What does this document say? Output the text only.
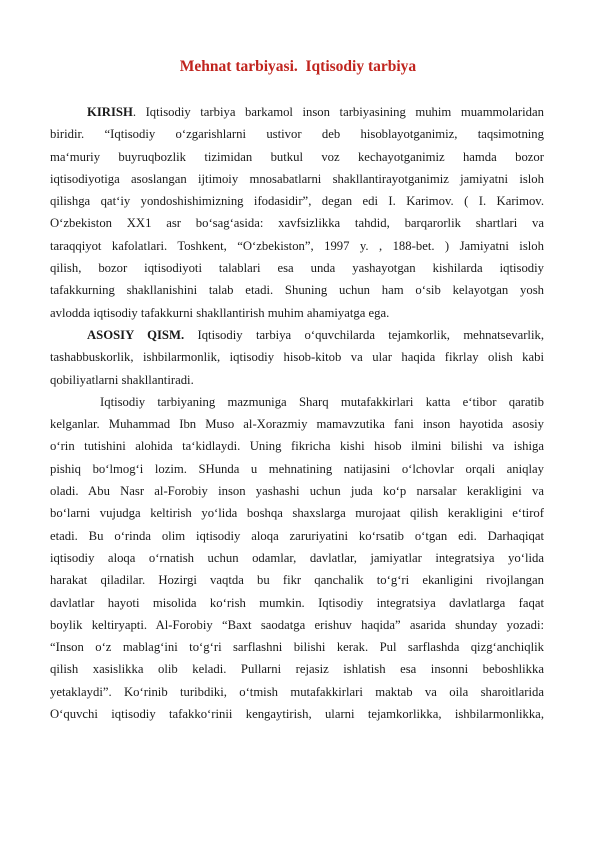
Mehnat tarbiyasi.  Iqtisodiy tarbiya
KIRISH. Iqtisodiy tarbiya barkamol inson tarbiyasining muhim muammolaridan
biridir. “Iqtisodiy o‘zgarishlarni ustivor deb hisoblayotganimiz, taqsimotning
ma‘muriy buyruqbozlik tizimidan butkul voz kechayotganimiz hamda bozor
iqtisodiyotiga asoslangan ijtimoiy mnosabatlarni shakllantirayotganimiz jamiyatni isloh
qilishga qat‘iy yondoshishimizning ifodasidir”, degan edi I. Karimov. ( I. Karimov.
O‘zbekiston XX1 asr bo‘sag‘asida: xavfsizlikka tahdid, barqarorlik shartlari va
taraqqiyot kafolatlari. Toshkent, “O‘zbekiston”, 1997 y. , 188-bet. ) Jamiyatni isloh
qilish, bozor iqtisodiyoti talablari esa unda yashayotgan kishilarda iqtisodiy
tafakkurning shakllanishini talab etadi. Shuning uchun ham o‘sib kelayotgan yosh
avlodda iqtisodiy tafakkurni shakllantirish muhim ahamiyatga ega.
ASOSIY QISM. Iqtisodiy tarbiya o‘quvchilarda tejamkorlik, mehnatsevarlik,
tashabbuskorlik, ishbilarmonlik, iqtisodiy hisob-kitob va ular haqida fikrlay olish kabi
qobiliyatlarni shakllantiradi.
Iqtisodiy tarbiyaning mazmuniga Sharq mutafakkirlari katta e‘tibor qaratib
kelganlar. Muhammad Ibn Muso al-Xorazmiy mamavzutika fani inson hayotida asosiy
o‘rin tutishini alohida ta‘kidlaydi. Uning fikricha kishi hisob ilmini bilishi va ishiga
pishiq bo‘lmog‘i lozim. SHunda u mehnatining natijasini o‘lchovlar orqali aniqlay
oladi. Abu Nasr al-Forobiy inson yashashi uchun juda ko‘p narsalar kerakligini va
bo‘larni vujudga keltirish yo‘lida boshqa shaxslarga murojaat qilish kerakligini e‘tirof
etadi. Bu o‘rinda olim iqtisodiy aloqa zaruriyatini ko‘rsatib o‘tgan edi. Darhaqiqat
iqtisodiy aloqa o‘rnatish uchun odamlar, davlatlar, jamiyatlar integratsiya yo‘lida
harakat qiladilar. Hozirgi vaqtda bu fikr qanchalik to‘g‘ri ekanligini rivojlangan
davlatlar hayoti misolida ko‘rish mumkin. Iqtisodiy integratsiya davlatlarga faqat
boylik keltiryapti. Al-Forobiy “Baxt saodatga erishuv haqida” asarida shunday yozadi:
“Inson o‘z mablag‘ini to‘g‘ri sarflashni bilishi kerak. Pul sarflashda qizg‘anchiqlik
qilish xasislikka olib keladi. Pullarni rejasiz ishlatish esa insonni beboshlikka
yetaklaydi”. Ko‘rinib turibdiki, o‘tmish mutafakkirlari maktab va oila sharoitlarida
O‘quvchi iqtisodiy tafakko‘rinii kengaytirish, ularni tejamkorlikka, ishbilarmonlikka,
